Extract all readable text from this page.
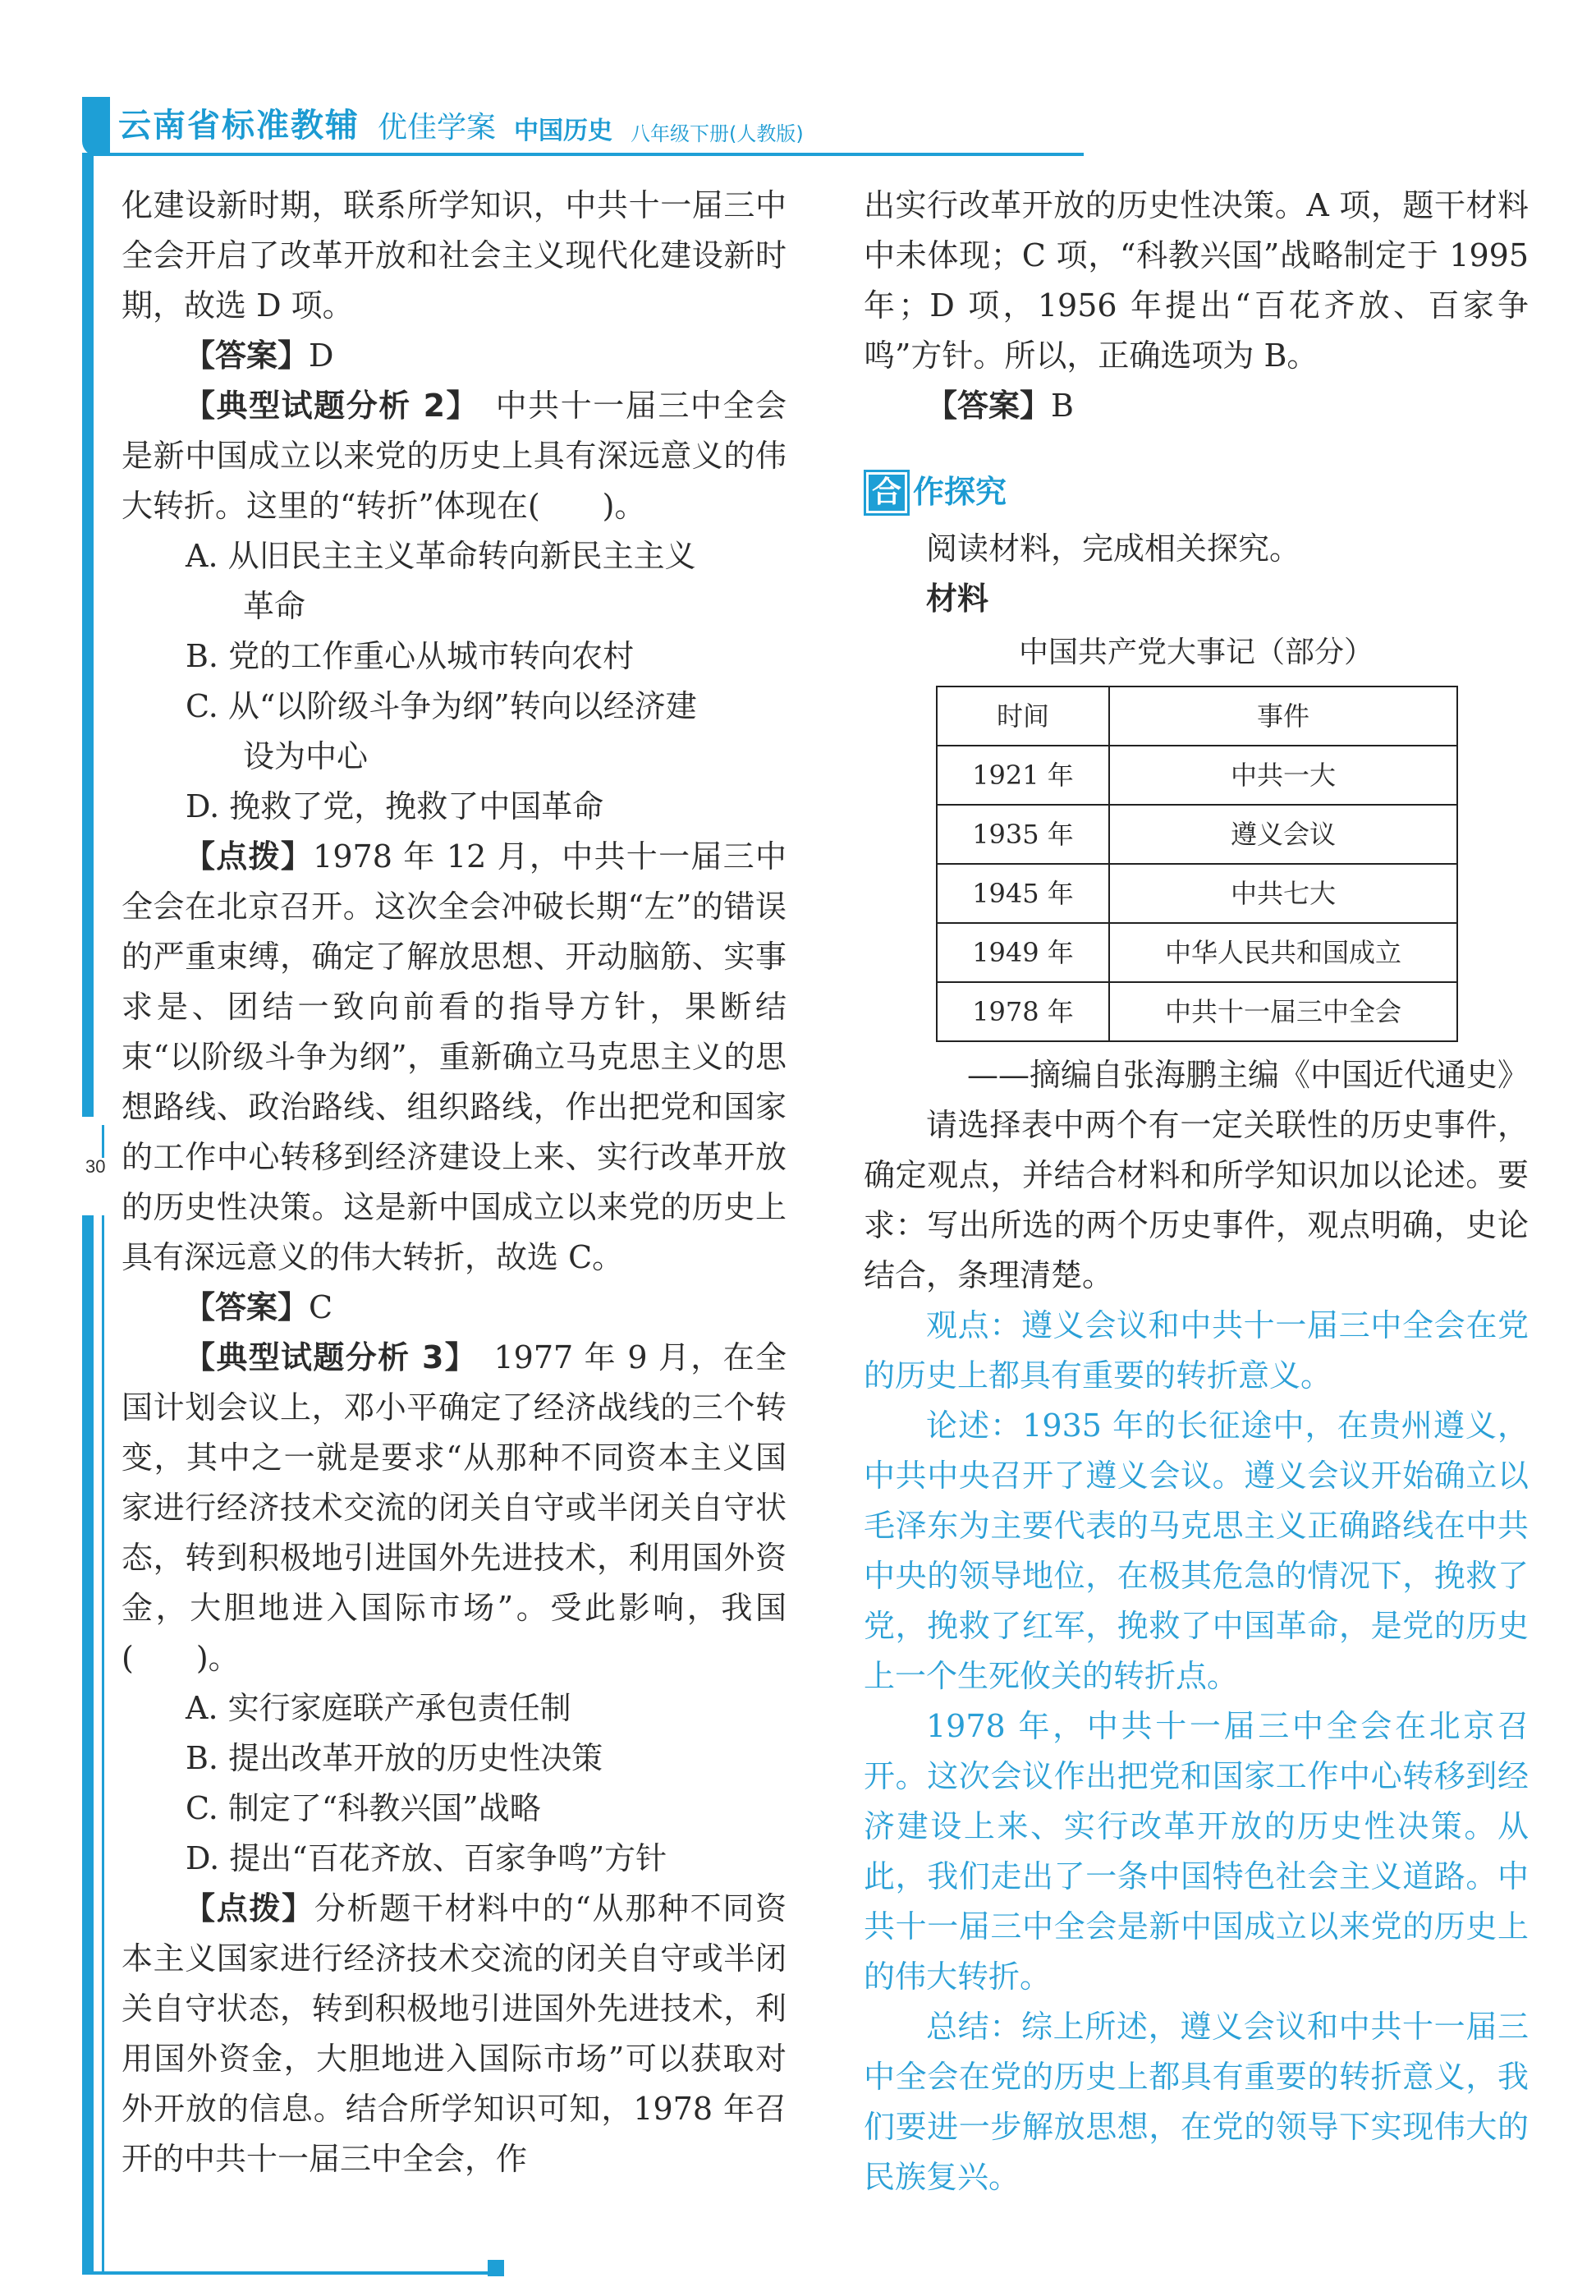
云南省标准教辅 优佳学案 中国历史 八年级下册(人教版)
30

化建设新时期，联系所学知识，中共十一届三中全会开启了改革开放和社会主义现代化建设新时期，故选 D 项。

【答案】D

【典型试题分析 2】　 中共十一届三中全会是新中国成立以来党的历史上具有深远意义的伟大转折。这里的“转折”体现在(　　)。

A. 从旧民主主义革命转向新民主主义

革命

B. 党的工作重心从城市转向农村

C. 从“以阶级斗争为纲”转向以经济建

设为中心

D. 挽救了党，挽救了中国革命

【点拨】1978 年 12 月，中共十一届三中全会在北京召开。这次全会冲破长期“左”的错误的严重束缚，确定了解放思想、开动脑筋、实事求是、团结一致向前看的指导方针，果断结束“以阶级斗争为纲”，重新确立马克思主义的思想路线、政治路线、组织路线，作出把党和国家的工作中心转移到经济建设上来、实行改革开放的历史性决策。这是新中国成立以来党的历史上具有深远意义的伟大转折，故选 C。

【答案】C

【典型试题分析 3】　 1977 年 9 月，在全国计划会议上，邓小平确定了经济战线的三个转变，其中之一就是要求“从那种不同资本主义国家进行经济技术交流的闭关自守或半闭关自守状态，转到积极地引进国外先进技术，利用国外资金，大胆地进入国际市场”。受此影响，我国(　　)。

A. 实行家庭联产承包责任制

B. 提出改革开放的历史性决策

C. 制定了“科教兴国”战略

D. 提出“百花齐放、百家争鸣”方针

【点拨】分析题干材料中的“从那种不同资本主义国家进行经济技术交流的闭关自守或半闭关自守状态，转到积极地引进国外先进技术，利用国外资金，大胆地进入国际市场”可以获取对外开放的信息。结合所学知识可知，1978 年召开的中共十一届三中全会，作

出实行改革开放的历史性决策。A 项，题干材料中未体现；C 项，“科教兴国”战略制定于 1995 年；D 项，1956 年提出“百花齐放、百家争鸣”方针。所以，正确选项为 B。

【答案】B

合 作探究

阅读材料，完成相关探究。

材料

中国共产党大事记（部分）

时间	事件
1921 年	中共一大
1935 年	遵义会议
1945 年	中共七大
1949 年	中华人民共和国成立
1978 年	中共十一届三中全会

——摘编自张海鹏主编《中国近代通史》

请选择表中两个有一定关联性的历史事件，确定观点，并结合材料和所学知识加以论述。要求：写出所选的两个历史事件，观点明确，史论结合，条理清楚。

观点：遵义会议和中共十一届三中全会在党的历史上都具有重要的转折意义。

论述：1935 年的长征途中，在贵州遵义，中共中央召开了遵义会议。遵义会议开始确立以毛泽东为主要代表的马克思主义正确路线在中共中央的领导地位，在极其危急的情况下，挽救了党，挽救了红军，挽救了中国革命，是党的历史上一个生死攸关的转折点。

1978 年，中共十一届三中全会在北京召开。这次会议作出把党和国家工作中心转移到经济建设上来、实行改革开放的历史性决策。从此，我们走出了一条中国特色社会主义道路。中共十一届三中全会是新中国成立以来党的历史上的伟大转折。

总结：综上所述，遵义会议和中共十一届三中全会在党的历史上都具有重要的转折意义，我们要进一步解放思想，在党的领导下实现伟大的民族复兴。
